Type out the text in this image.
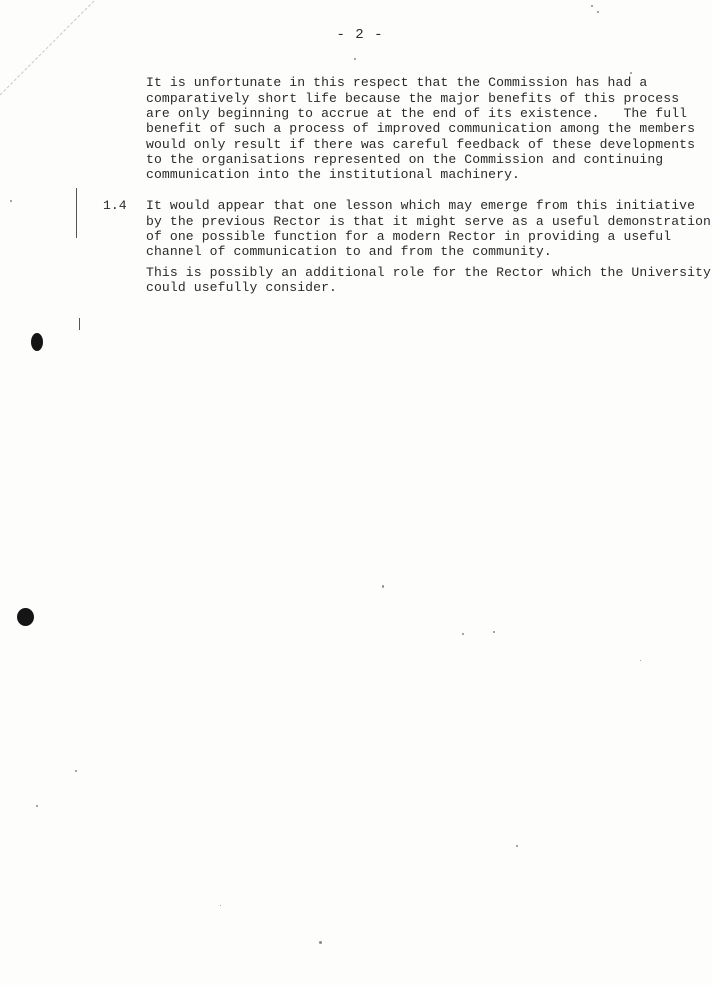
- 2 -
It is unfortunate in this respect that the Commission has had a
comparatively short life because the major benefits of this process
are only beginning to accrue at the end of its existence.   The full
benefit of such a process of improved communication among the members
would only result if there was careful feedback of these developments
to the organisations represented on the Commission and continuing
communication into the institutional machinery.
1.4 It would appear that one lesson which may emerge from this initiative
by the previous Rector is that it might serve as a useful demonstration
of one possible function for a modern Rector in providing a useful
channel of communication to and from the community.
This is possibly an additional role for the Rector which the University
could usefully consider.
